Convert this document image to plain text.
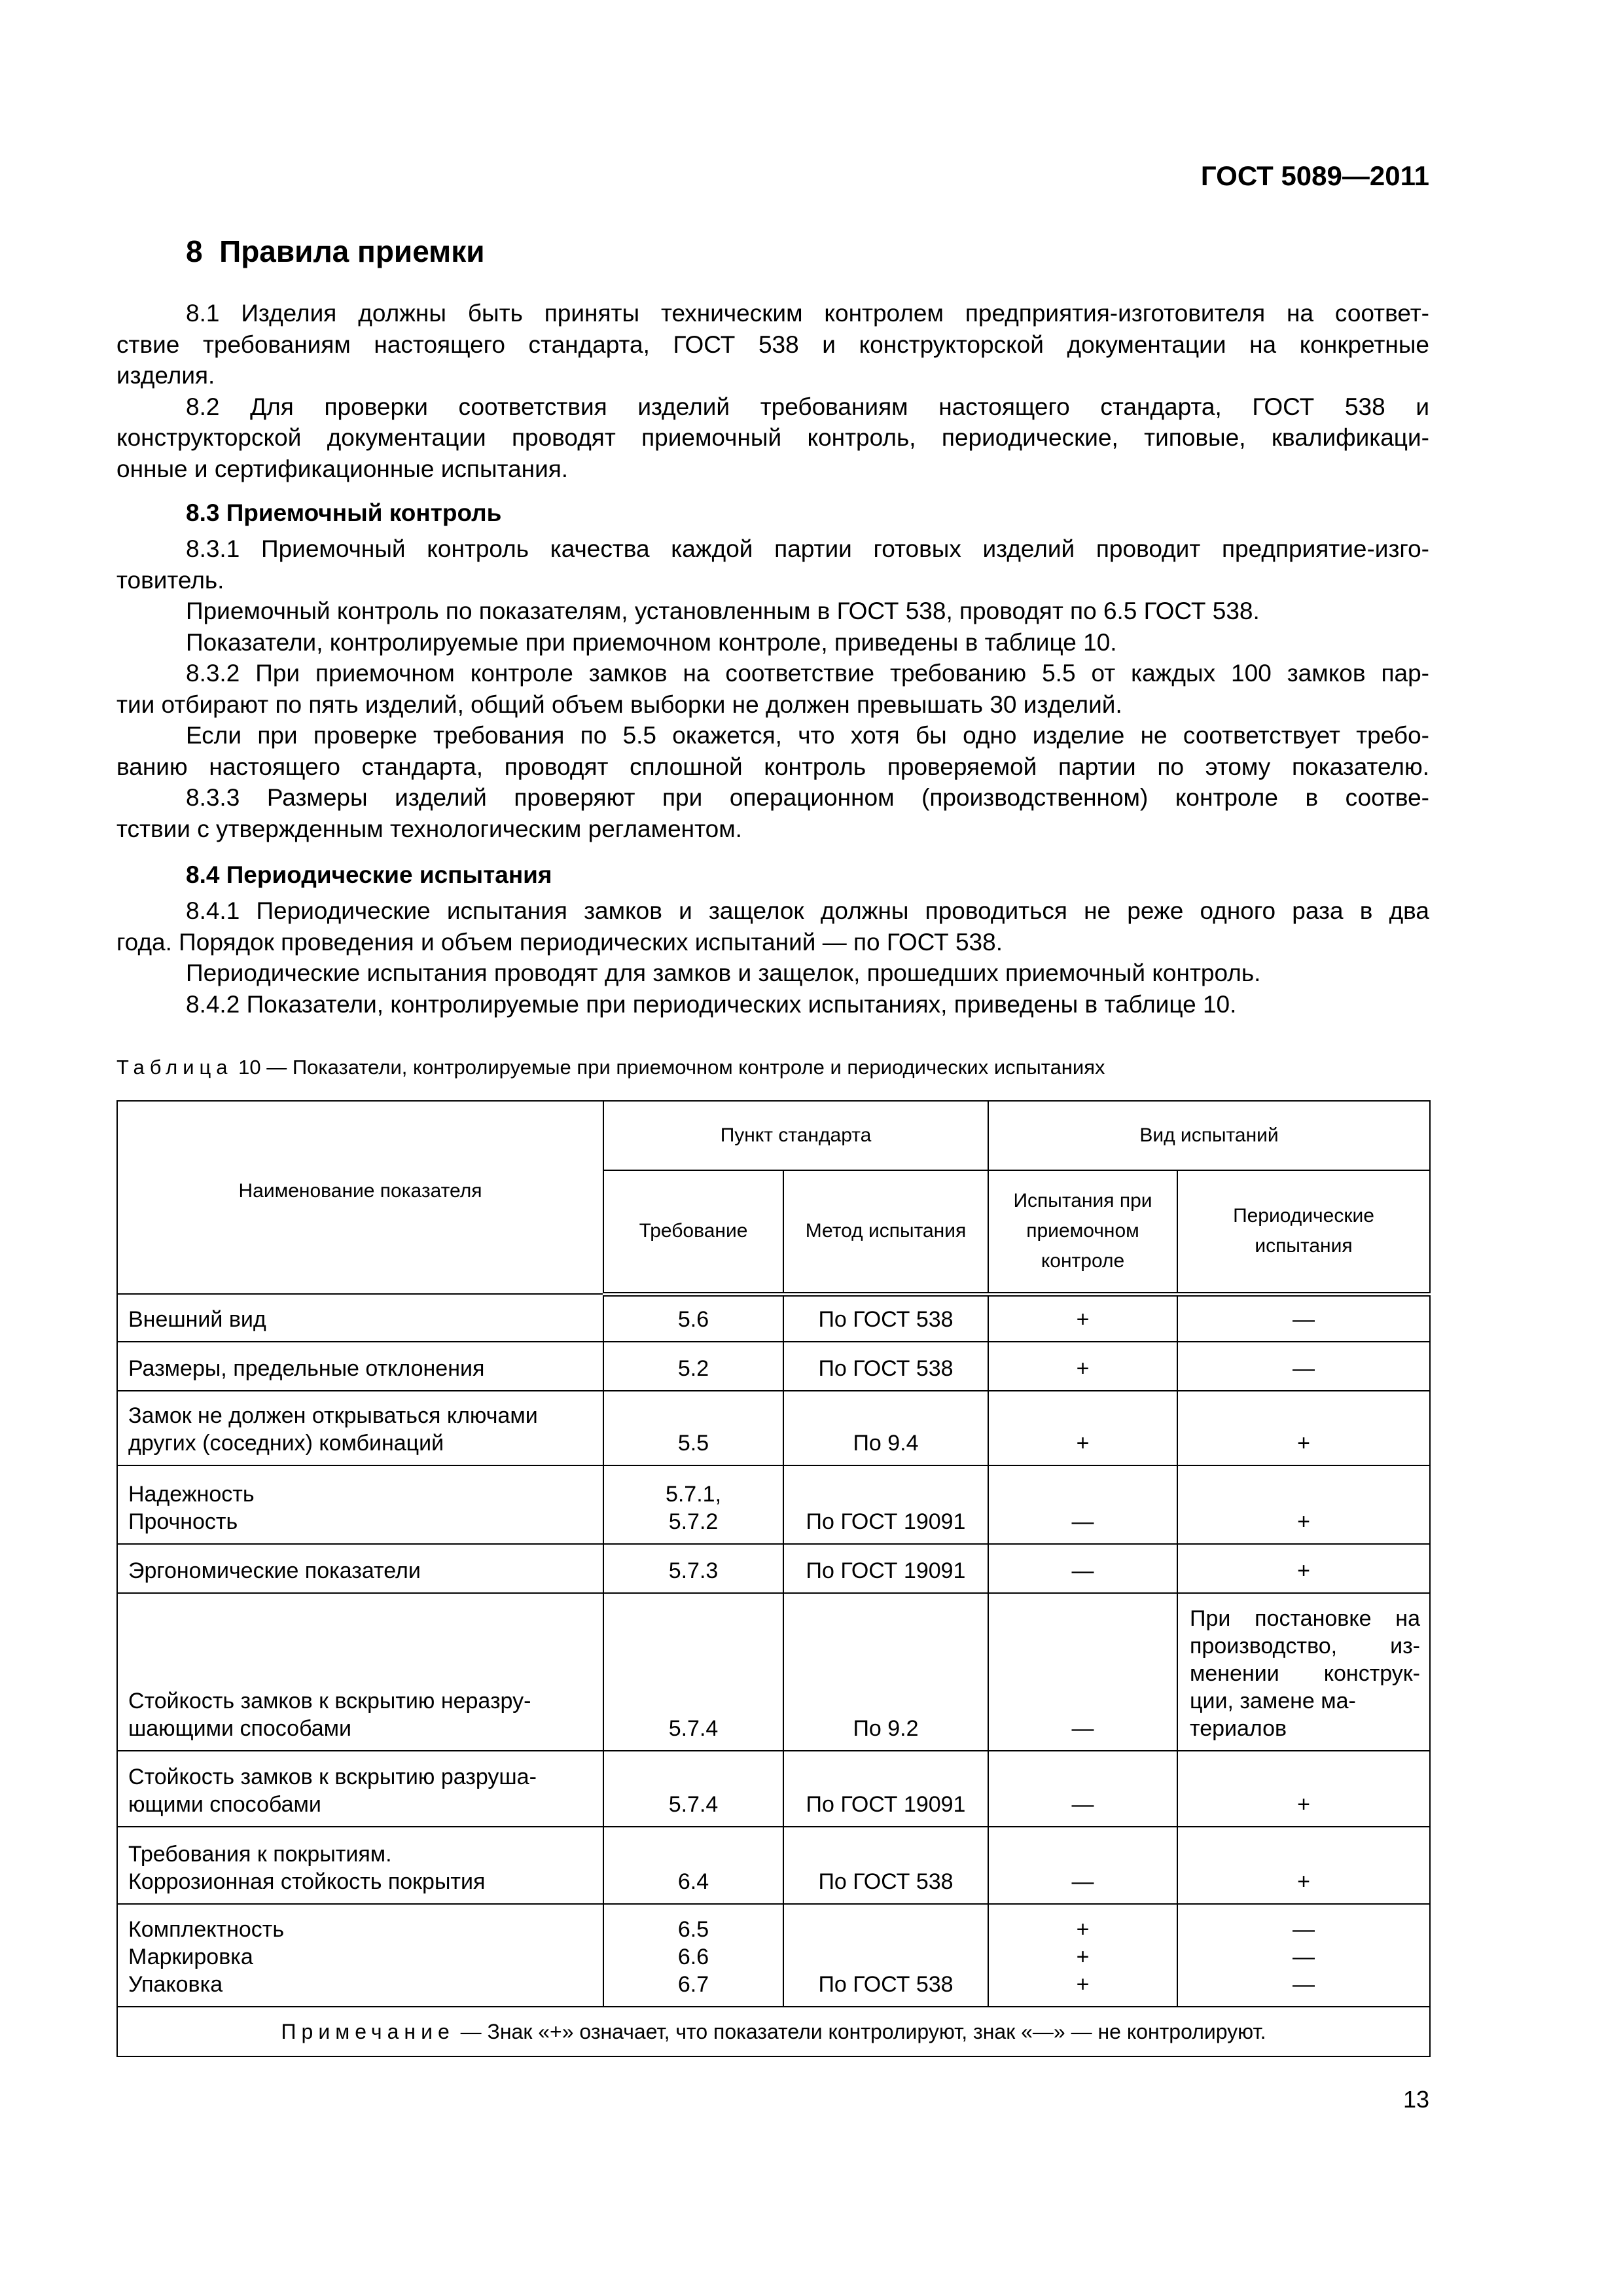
ГОСТ 5089—2011
8  Правила приемки
8.1 Изделия должны быть приняты техническим контролем предприятия-изготовителя на соответ-
ствие требованиям настоящего стандарта, ГОСТ 538 и конструкторской документации на конкретные
изделия.
8.2 Для проверки соответствия изделий требованиям настоящего стандарта, ГОСТ 538 и
конструкторской документации проводят приемочный контроль, периодические, типовые, квалификаци-
онные и сертификационные испытания.
8.3 Приемочный контроль
8.3.1 Приемочный контроль качества каждой партии готовых изделий проводит предприятие-изго-
товитель.
Приемочный контроль по показателям, установленным в ГОСТ 538, проводят по 6.5 ГОСТ 538.
Показатели, контролируемые при приемочном контроле, приведены в таблице 10.
8.3.2 При приемочном контроле замков на соответствие требованию 5.5 от каждых 100 замков пар-
тии отбирают по пять изделий, общий объем выборки не должен превышать 30 изделий.
Если при проверке требования по 5.5 окажется, что хотя бы одно изделие не соответствует требо-
ванию настоящего стандарта, проводят сплошной контроль проверяемой партии по этому показателю.
8.3.3 Размеры изделий проверяют при операционном (производственном) контроле в соотве-
тствии с утвержденным технологическим регламентом.
8.4 Периодические испытания
8.4.1 Периодические испытания замков и защелок должны проводиться не реже одного раза в два
года. Порядок проведения и объем периодических испытаний — по ГОСТ 538.
Периодические испытания проводят для замков и защелок, прошедших приемочный контроль.
8.4.2 Показатели, контролируемые при периодических испытаниях, приведены в таблице 10.
Таблица 10 — Показатели, контролируемые при приемочном контроле и периодических испытаниях
Наименование показателя	Пункт стандарта		Вид испытаний	
	Требование	Метод испытания	Испытания при
приемочном
контроле	Периодические
испытания

Внешний вид	5.6	По ГОСТ 538	+	—
Размеры, предельные отклонения	5.2	По ГОСТ 538	+	—

Замок не должен открываться ключами
других (соседних) комбинаций	5.5	По 9.4	+	+

Надежность
Прочность	5.7.1,
5.7.2	По ГОСТ 19091	—	+
Эргономические показатели	5.7.3	По ГОСТ 19091	—	+

Стойкость замков к вскрытию неразру-
шающими способами	5.7.4	По 9.2	—	При постановке на
производство, из-
менении конструк-
ции, замене ма-
териалов

Стойкость замков к вскрытию разруша-
ющими способами	5.7.4	По ГОСТ 19091	—	+

Требования к покрытиям.
Коррозионная стойкость покрытия	6.4	По ГОСТ 538	—	+

Комплектность
Маркировка
Упаковка	6.5
6.6
6.7	По ГОСТ 538	+
+
+	—
—
—

Примечание — Знак «+» означает, что показатели контролируют, знак «—» — не контролируют.				
13
